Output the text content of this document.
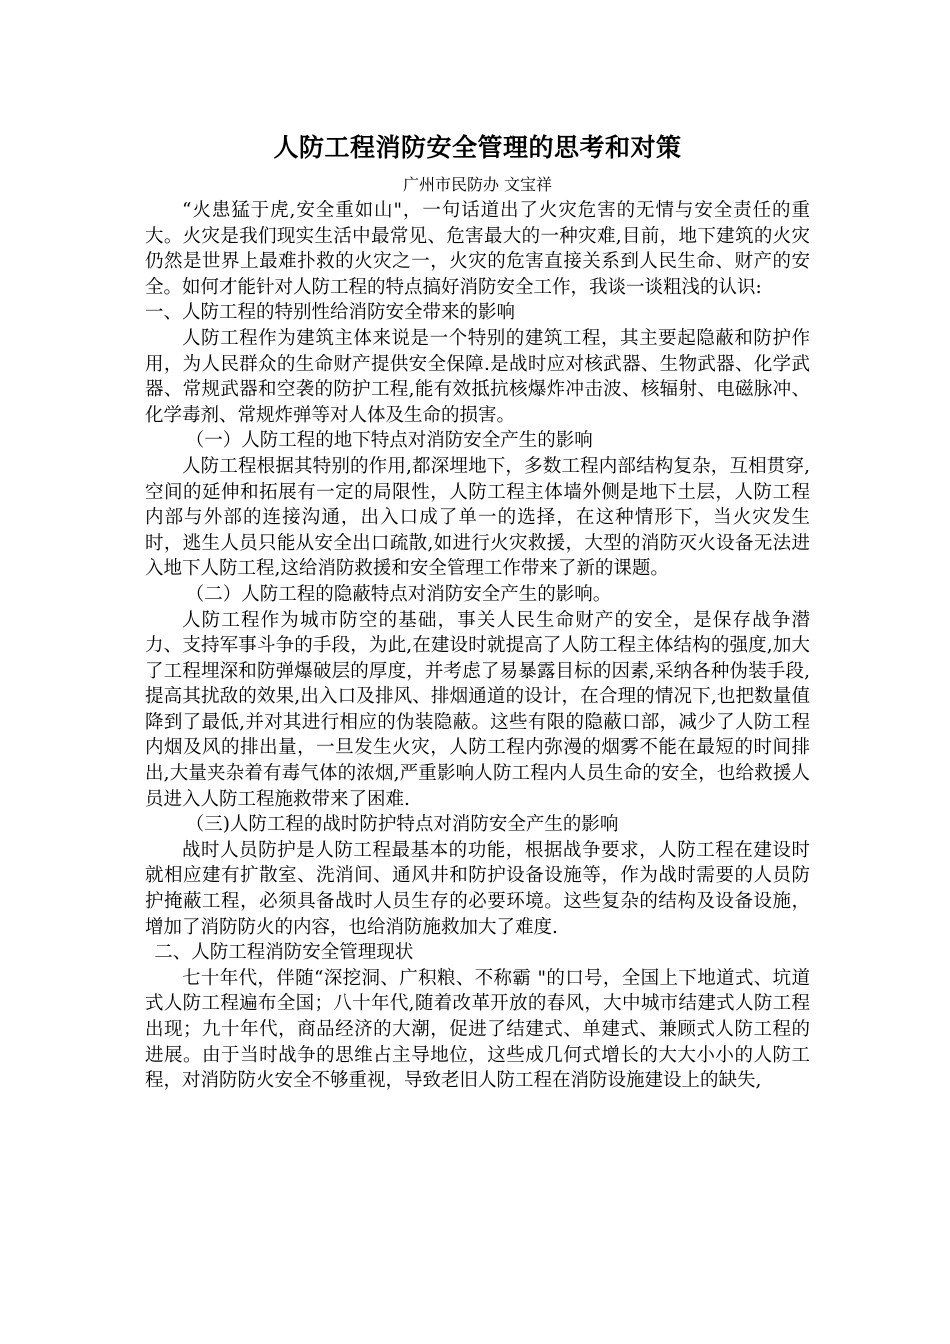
人防工程消防安全管理的思考和对策
广州市民防办 文宝祥

“火患猛于虎,安全重如山"，一句话道出了火灾危害的无情与安全责任的重大。火灾是我们现实生活中最常见、危害最大的一种灾难,目前，地下建筑的火灾仍然是世界上最难扑救的火灾之一，火灾的危害直接关系到人民生命、财产的安全。如何才能针对人防工程的特点搞好消防安全工作，我谈一谈粗浅的认识:

一、人防工程的特别性给消防安全带来的影响

人防工程作为建筑主体来说是一个特别的建筑工程，其主要起隐蔽和防护作用，为人民群众的生命财产提供安全保障.是战时应对核武器、生物武器、化学武器、常规武器和空袭的防护工程,能有效抵抗核爆炸冲击波、核辐射、电磁脉冲、化学毒剂、常规炸弹等对人体及生命的损害。

（一）人防工程的地下特点对消防安全产生的影响

人防工程根据其特别的作用,都深埋地下，多数工程内部结构复杂，互相贯穿,空间的延伸和拓展有一定的局限性，人防工程主体墙外侧是地下土层，人防工程内部与外部的连接沟通，出入口成了单一的选择，在这种情形下，当火灾发生时，逃生人员只能从安全出口疏散,如进行火灾救援，大型的消防灭火设备无法进入地下人防工程,这给消防救援和安全管理工作带来了新的课题。

（二）人防工程的隐蔽特点对消防安全产生的影响。

人防工程作为城市防空的基础，事关人民生命财产的安全，是保存战争潜力、支持军事斗争的手段，为此,在建设时就提高了人防工程主体结构的强度,加大了工程埋深和防弹爆破层的厚度，并考虑了易暴露目标的因素,采纳各种伪装手段,提高其扰敌的效果,出入口及排风、排烟通道的设计，在合理的情况下,也把数量值降到了最低,并对其进行相应的伪装隐蔽。这些有限的隐蔽口部，减少了人防工程内烟及风的排出量，一旦发生火灾，人防工程内弥漫的烟雾不能在最短的时间排出,大量夹杂着有毒气体的浓烟,严重影响人防工程内人员生命的安全，也给救援人员进入人防工程施救带来了困难.

（三)人防工程的战时防护特点对消防安全产生的影响

战时人员防护是人防工程最基本的功能，根据战争要求，人防工程在建设时就相应建有扩散室、洗消间、通风井和防护设备设施等，作为战时需要的人员防护掩蔽工程，必须具备战时人员生存的必要环境。这些复杂的结构及设备设施，增加了消防防火的内容，也给消防施救加大了难度.

二、人防工程消防安全管理现状

七十年代，伴随“深挖洞、广积粮、不称霸 "的口号，全国上下地道式、坑道式人防工程遍布全国；八十年代,随着改革开放的春风，大中城市结建式人防工程出现；九十年代，商品经济的大潮，促进了结建式、单建式、兼顾式人防工程的进展。由于当时战争的思维占主导地位，这些成几何式增长的大大小小的人防工程，对消防防火安全不够重视，导致老旧人防工程在消防设施建设上的缺失,
